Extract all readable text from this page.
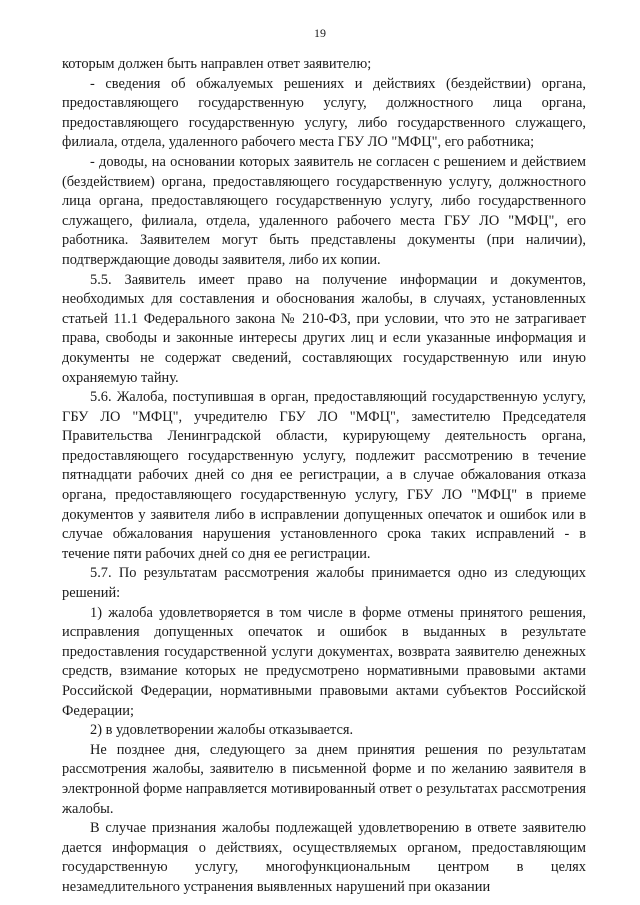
19

которым должен быть направлен ответ заявителю;

- сведения об обжалуемых решениях и действиях (бездействии) органа, предоставляющего государственную услугу, должностного лица органа, предоставляющего государственную услугу, либо государственного служащего, филиала, отдела, удаленного рабочего места ГБУ ЛО "МФЦ", его работника;

- доводы, на основании которых заявитель не согласен с решением и действием (бездействием) органа, предоставляющего государственную услугу, должностного лица органа, предоставляющего государственную услугу, либо государственного служащего, филиала, отдела, удаленного рабочего места ГБУ ЛО "МФЦ", его работника. Заявителем могут быть представлены документы (при наличии), подтверждающие доводы заявителя, либо их копии.

5.5. Заявитель имеет право на получение информации и документов, необходимых для составления и обоснования жалобы, в случаях, установленных статьей 11.1 Федерального закона № 210-ФЗ, при условии, что это не затрагивает права, свободы и законные интересы других лиц и если указанные информация и документы не содержат сведений, составляющих государственную или иную охраняемую тайну.

5.6. Жалоба, поступившая в орган, предоставляющий государственную услугу, ГБУ ЛО "МФЦ", учредителю ГБУ ЛО "МФЦ", заместителю Председателя Правительства Ленинградской области, курирующему деятельность органа, предоставляющего государственную услугу, подлежит рассмотрению в течение пятнадцати рабочих дней со дня ее регистрации, а в случае обжалования отказа органа, предоставляющего государственную услугу, ГБУ ЛО "МФЦ" в приеме документов у заявителя либо в исправлении допущенных опечаток и ошибок или в случае обжалования нарушения установленного срока таких исправлений - в течение пяти рабочих дней со дня ее регистрации.

5.7. По результатам рассмотрения жалобы принимается одно из следующих решений:

1) жалоба удовлетворяется в том числе в форме отмены принятого решения, исправления допущенных опечаток и ошибок в выданных в результате предоставления государственной услуги документах, возврата заявителю денежных средств, взимание которых не предусмотрено нормативными правовыми актами Российской Федерации, нормативными правовыми актами субъектов Российской Федерации;

2) в удовлетворении жалобы отказывается.

Не позднее дня, следующего за днем принятия решения по результатам рассмотрения жалобы, заявителю в письменной форме и по желанию заявителя в электронной форме направляется мотивированный ответ о результатах рассмотрения жалобы.

В случае признания жалобы подлежащей удовлетворению в ответе заявителю дается информация о действиях, осуществляемых органом, предоставляющим государственную услугу, многофункциональным центром в целях незамедлительного устранения выявленных нарушений при оказании
